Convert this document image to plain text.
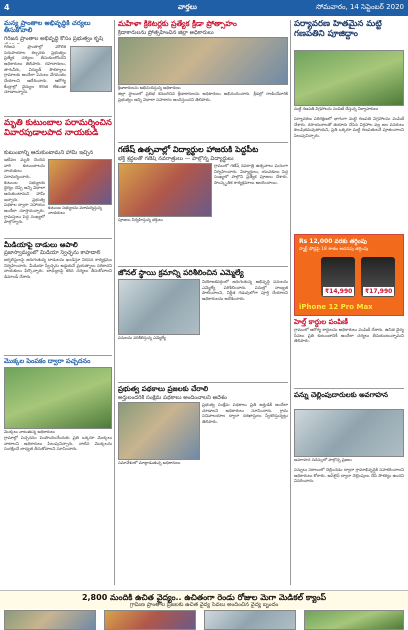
4	వార్తలు	సోమవారం, 14 సెప్టెంబర్ 2020
మన్య ప్రాంతాల అభివృద్ధికి చర్యలు తీసుకోవాలి
గిరిజన ప్రాంతాల అభివృద్ధి కోసం ప్రభుత్వం కృషి
గిరిజన ప్రాంతాల్లో మౌలిక సదుపాయాల కల్పనకు ప్రభుత్వం ప్రత్యేక చర్యలు తీసుకుంటోందని అధికారులు తెలిపారు. రహదారులు, తాగునీరు, విద్యుత్ సౌకర్యాలు గ్రామాలకు అందేలా పనులు వేగవంతం చేయాలని ఆదేశించారు. ఆరోగ్య కేంద్రాల్లో వైద్యుల కొరత లేకుండా చూడాలన్నారు.
మృతి కుటుంబాల పరామర్శించిన వివారపుడాలపాద నాయకుడి
కుటుంబాన్ని ఆదుకుంటామని హామీ ఇచ్చిన
ఇటీవల మృతి చెందిన వారి కుటుంబాలను నాయకులు పరామర్శించారు. కుటుంబ సభ్యులకు ధైర్యం చెప్పి అన్ని విధాలా ఆదుకుంటామని హామీ ఇచ్చారు. ప్రభుత్వ పథకాల ద్వారా సహాయం అందేలా చూస్తామన్నారు. గ్రామస్తులు పెద్ద సంఖ్యలో పాల్గొన్నారు.
కుటుంబ సభ్యులను పరామర్శిస్తున్న నాయకులు
మీడియాపై దాడులు ఆపాలి
ప్రజాస్వామ్యంలో మీడియా స్వేచ్ఛను కాపాడాలి
జర్నలిస్టులపై జరుగుతున్న దాడులను ఖండిస్తూ నిరసన కార్యక్రమం నిర్వహించారు. మీడియా స్వేచ్ఛను అడ్డుకునే ప్రయత్నాలు సరికాదని నాయకులు పేర్కొన్నారు. బాధ్యులపై కఠిన చర్యలు తీసుకోవాలని డిమాండ్ చేశారు.
మొక్కల పెంపకం ద్వారా పచ్చదనం
మొక్కలు నాటుతున్న అధికారులు
గ్రామాల్లో పచ్చదనం పెంపొందించేందుకు ప్రతి ఒక్కరూ మొక్కలు నాటాలని అధికారులు పిలుపునిచ్చారు. నాటిన మొక్కలను సంరక్షించే బాధ్యత తీసుకోవాలని సూచించారు.
మహిళా క్రికెటర్లకు ప్రత్యేక క్రీడా ప్రోత్సాహం
క్రీడాకారులను ప్రోత్సహించిన జిల్లా అధికారులు
క్రీడాకారులను అభినందిస్తున్న అధికారులు
జిల్లా స్థాయిలో ప్రతిభ కనబరిచిన క్రీడాకారులను అధికారులు అభినందించారు. క్రీడల్లో రాణించేవారికి ప్రభుత్వం అన్ని విధాలా సహకారం అందిస్తుందని తెలిపారు.
గణేష్ ఉత్సవాల్లో విద్యార్థుల హాజరుకి పెద్దపీట
భక్తి శ్రద్ధలతో గణేష్ నవరాత్రులు — పాల్గొన్న విద్యార్థులు
పూజలు నిర్వహిస్తున్న భక్తులు
గ్రామంలో గణేష్ నవరాత్రి ఉత్సవాలు ఘనంగా నిర్వహించారు. విద్యార్థులు, యువకులు పెద్ద సంఖ్యలో పాల్గొని ప్రత్యేక పూజలు చేశారు. సాంస్కృతిక కార్యక్రమాలు అలరించాయి.
జోనల్ స్థాయి క్రమాన్ని పరిశీలించిన ఎమ్మెల్యే
పనులను పరిశీలిస్తున్న ఎమ్మెల్యే
నియోజకవర్గంలో జరుగుతున్న అభివృద్ధి పనులను ఎమ్మెల్యే పరిశీలించారు. పనుల్లో నాణ్యత పాటించాలని, నిర్ణీత గడువులోగా పూర్తి చేయాలని అధికారులను ఆదేశించారు.
ప్రభుత్వ పథకాలు ప్రజలకు చేరాలి
అర్హులందరికీ సంక్షేమ పథకాలు అందించాలని ఆదేశం
సమావేశంలో మాట్లాడుతున్న అధికారులు
ప్రభుత్వ సంక్షేమ పథకాలు ప్రతి అర్హుడికీ అందేలా చూడాలని అధికారులు సూచించారు. గ్రామ సచివాలయాల ద్వారా దరఖాస్తులు స్వీకరిస్తున్నట్లు తెలిపారు.
పర్యావరణ హితమైన మట్టి గణపతిని పూజిద్దాం
మట్టి గణపతి విగ్రహాలను పంపిణీ చేస్తున్న నిర్వాహకులు
పర్యావరణ పరిరక్షణలో భాగంగా మట్టి గణపతి విగ్రహాలను పంపిణీ చేశారు. రసాయనాలతో తయారు చేసిన విగ్రహాల వల్ల జల వనరులు కలుషితమవుతాయని, ప్రతి ఒక్కరూ మట్టి గణపతులనే పూజించాలని పిలుపునిచ్చారు.
Rs 12,000 వరకు తగ్గింపు
స్మార్ట్ ఫోన్లపై 18 శాతం అదనపు తగ్గింపు
₹14,990	₹17,990
iPhone 12 Pro Max
హెల్త్ కార్డుల పంపిణీ
గ్రామంలో ఆరోగ్య కార్డులను అధికారులు పంపిణీ చేశారు. ఉచిత వైద్య సేవలు ప్రతి కుటుంబానికీ అందేలా చర్యలు తీసుకుంటున్నామని తెలిపారు.
పన్ను చెల్లింపుదారులకు అవగాహన
అవగాహన సదస్సులో పాల్గొన్న ప్రజలు
పన్నులు సకాలంలో చెల్లించడం ద్వారా గ్రామాభివృద్ధికి సహకరించాలని అధికారులు కోరారు. ఆన్‌లైన్ ద్వారా చెల్లింపులు చేసే సౌకర్యం ఉందని వివరించారు.
2,800 మందికి ఉచిత వైద్యం.. ఉచితంగా రెండు రోజుల మెగా మెడికల్ క్యాంప్
గ్రామీణ ప్రాంతాల ప్రజలకు ఉచిత వైద్య సేవలు అందించిన వైద్య బృందం
